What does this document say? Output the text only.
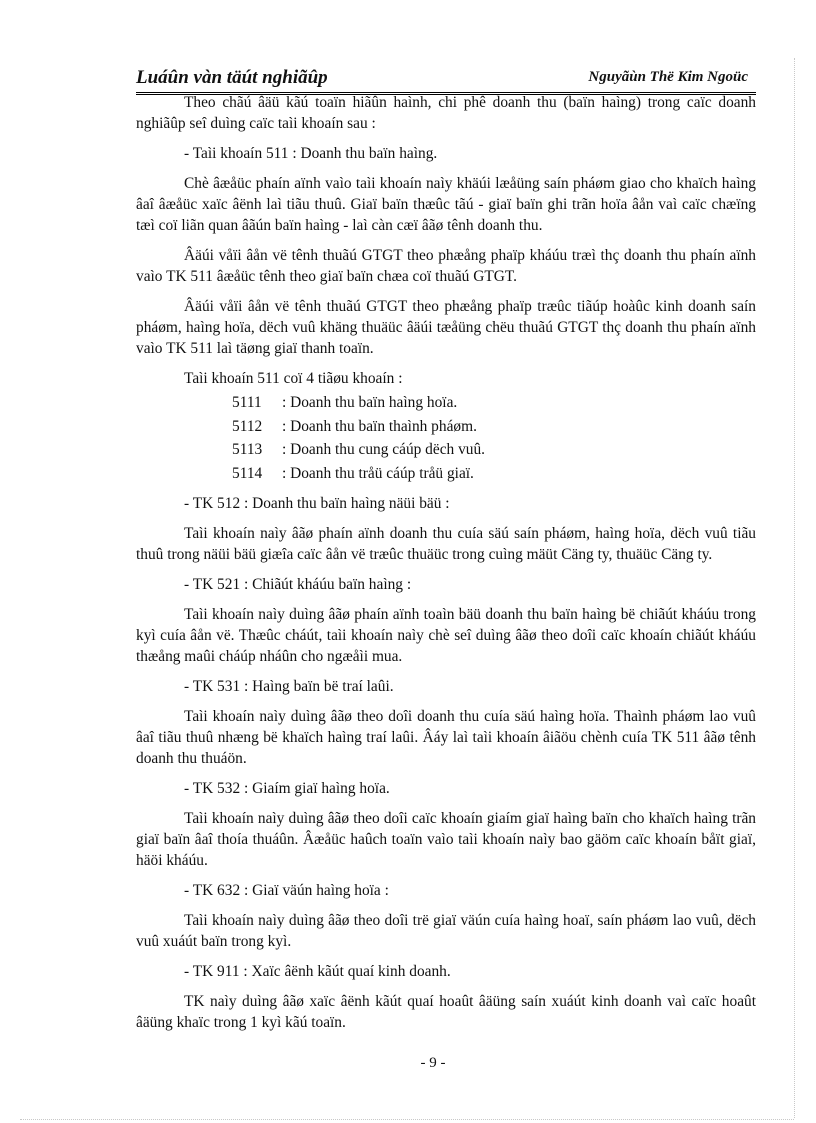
Luáûn vàn täút nghiãûp	Nguyãùn Thë Kim Ngoüc

Theo chãú âäü kãú toaïn hiãûn haình, chi phê doanh thu (baïn haìng) trong caïc doanh nghiãûp seî duìng caïc taìi khoaín sau :

- Taìi khoaín 511 : Doanh thu baïn haìng.

Chè âæåüc phaín aïnh vaìo taìi khoaín naìy khäúi læåüng saín pháøm giao cho khaïch haìng âaî âæåüc xaïc âënh laì tiãu thuû. Giaï baïn thæûc tãú - giaï baïn ghi trãn hoïa âån vaì caïc chæïng tæì coï liãn quan âãún baïn haìng - laì càn cæï âãø tênh doanh thu.

Âäúi våïi âån vë tênh thuãú GTGT theo phæång phaïp kháúu træì thç doanh thu phaín aïnh vaìo TK 511 âæåüc tênh theo giaï baïn chæa coï thuãú GTGT.

Âäúi våïi âån vë tênh thuãú GTGT theo phæång phaïp træûc tiãúp hoàûc kinh doanh saín pháøm, haìng hoïa, dëch vuû khäng thuäüc âäúi tæåüng chëu thuãú GTGT thç doanh thu phaín aïnh vaìo TK 511 laì täøng giaï thanh toaïn.

Taìi khoaín 511 coï 4 tiãøu khoaín :

5111 : Doanh thu baïn haìng hoïa.
5112 : Doanh thu baïn thaình pháøm.
5113 : Doanh thu cung cáúp dëch vuû.
5114 : Doanh thu tråü cáúp tråü giaï.

- TK 512 : Doanh thu baïn haìng näüi bäü :

Taìi khoaín naìy âãø phaín aïnh doanh thu cuía säú saín pháøm, haìng hoïa, dëch vuû tiãu thuû trong näüi bäü giæîa caïc âån vë træûc thuäüc trong cuìng mäüt Cäng ty, thuäüc Cäng ty.

- TK 521 : Chiãút kháúu baïn haìng :

Taìi khoaín naìy duìng âãø phaín aïnh toaìn bäü doanh thu baïn haìng bë chiãút kháúu trong kyì cuía âån vë. Thæûc cháút, taìi khoaín naìy chè seî duìng âãø theo doîi caïc khoaín chiãút kháúu thæång maûi cháúp nháûn cho ngæåìi mua.

- TK 531 : Haìng baïn bë traí laûi.

Taìi khoaín naìy duìng âãø theo doîi doanh thu cuía säú haìng hoïa. Thaình pháøm lao vuû âaî tiãu thuû nhæng bë khaïch haìng traí laûi. Âáy laì taìi khoaín âiãöu chènh cuía TK 511 âãø tênh doanh thu thuáön.

- TK 532 : Giaím giaï haìng hoïa.

Taìi khoaín naìy duìng âãø theo doîi caïc khoaín giaím giaï haìng baïn cho khaïch haìng trãn giaï baïn âaî thoía thuáûn. Âæåüc haûch toaïn vaìo taìi khoaín naìy bao gäöm caïc khoaín båït giaï, häöi kháúu.

- TK 632 : Giaï väún haìng hoïa :

Taìi khoaín naìy duìng âãø theo doîi trë giaï väún cuía haìng hoaï, saín pháøm lao vuû, dëch vuû xuáút baïn trong kyì.

- TK 911 : Xaïc âënh kãút quaí kinh doanh.

TK naìy duìng âãø xaïc âënh kãút quaí hoaût âäüng saín xuáút kinh doanh vaì caïc hoaût âäüng khaïc trong 1 kyì kãú toaïn.

- 9 -
